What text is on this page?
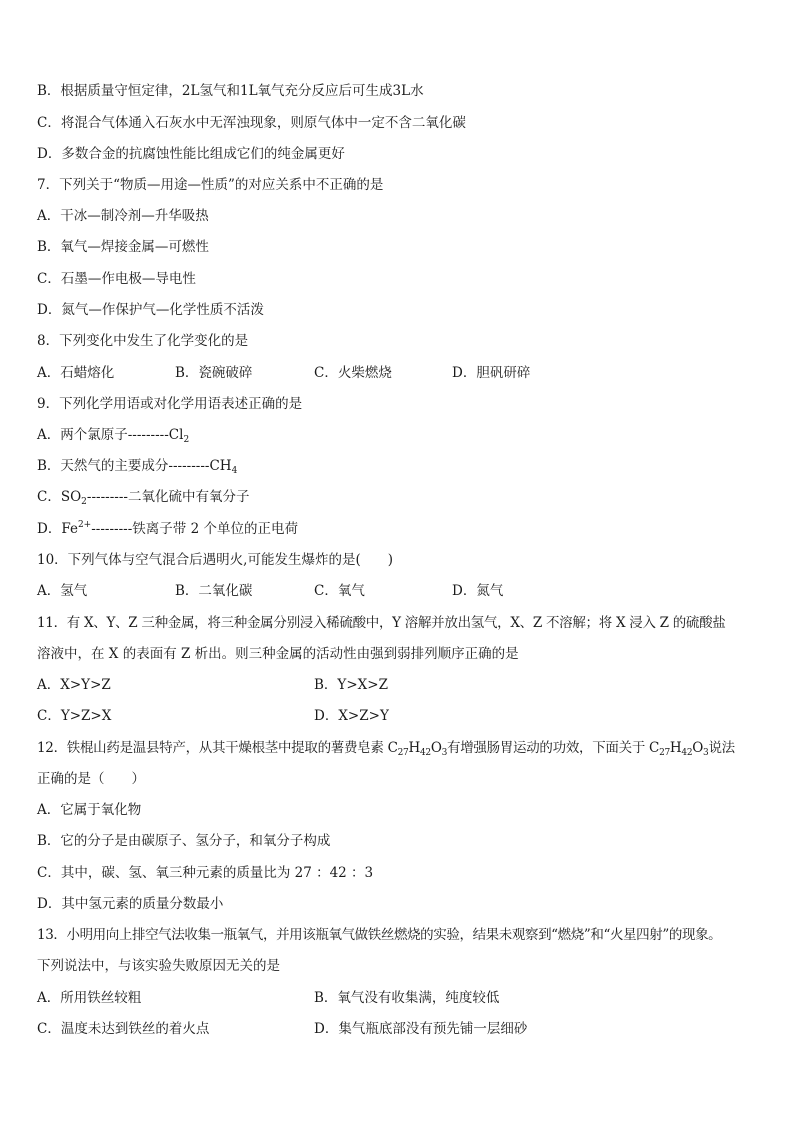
B．根据质量守恒定律，2L氢气和1L氧气充分反应后可生成3L水
C．将混合气体通入石灰水中无浑浊现象，则原气体中一定不含二氧化碳
D．多数合金的抗腐蚀性能比组成它们的纯金属更好
7．下列关于“物质—用途—性质”的对应关系中不正确的是
A．干冰—制冷剂—升华吸热
B．氧气—焊接金属—可燃性
C．石墨—作电极—导电性
D．氮气—作保护气—化学性质不活泼
8．下列变化中发生了化学变化的是
A．石蜡熔化	B．瓷碗破碎	C．火柴燃烧	D．胆矾研碎
9．下列化学用语或对化学用语表述正确的是
A．两个氯原子$---------Cl_2$
B．天然气的主要成分$---------CH_4$
C．$SO_2---------$二氧化硫中有氧分子
D．$Fe^{2+}---------$铁离子带 2 个单位的正电荷
10．下列气体与空气混合后遇明火,可能发生爆炸的是(　　)
A．氢气	B．二氧化碳	C．氧气	D．氮气
11．有 X、Y、Z 三种金属，将三种金属分别浸入稀硫酸中，Y 溶解并放出氢气，X、Z 不溶解；将 X 浸入 Z 的硫酸盐
溶液中，在 X 的表面有 Z 析出。则三种金属的活动性由强到弱排列顺序正确的是
A．X>Y>Z	B．Y>X>Z
C．Y>Z>X	D．X>Z>Y
12．铁棍山药是温县特产，从其干燥根茎中提取的薯费皂素 $C_{27}H_{42}O_3$有增强肠胃运动的功效，下面关于 $C_{27}H_{42}O_3$说法
正确的是（　　）
A．它属于氧化物
B．它的分子是由碳原子、氢分子，和氧分子构成
C．其中，碳、氢、氧三种元素的质量比为 27 ：42 ：3
D．其中氢元素的质量分数最小
13．小明用向上排空气法收集一瓶氧气，并用该瓶氧气做铁丝燃烧的实验，结果未观察到“燃烧”和“火星四射”的现象。
下列说法中，与该实验失败原因无关的是
A．所用铁丝较粗	B．氧气没有收集满，纯度较低
C．温度未达到铁丝的着火点	D．集气瓶底部没有预先铺一层细砂
